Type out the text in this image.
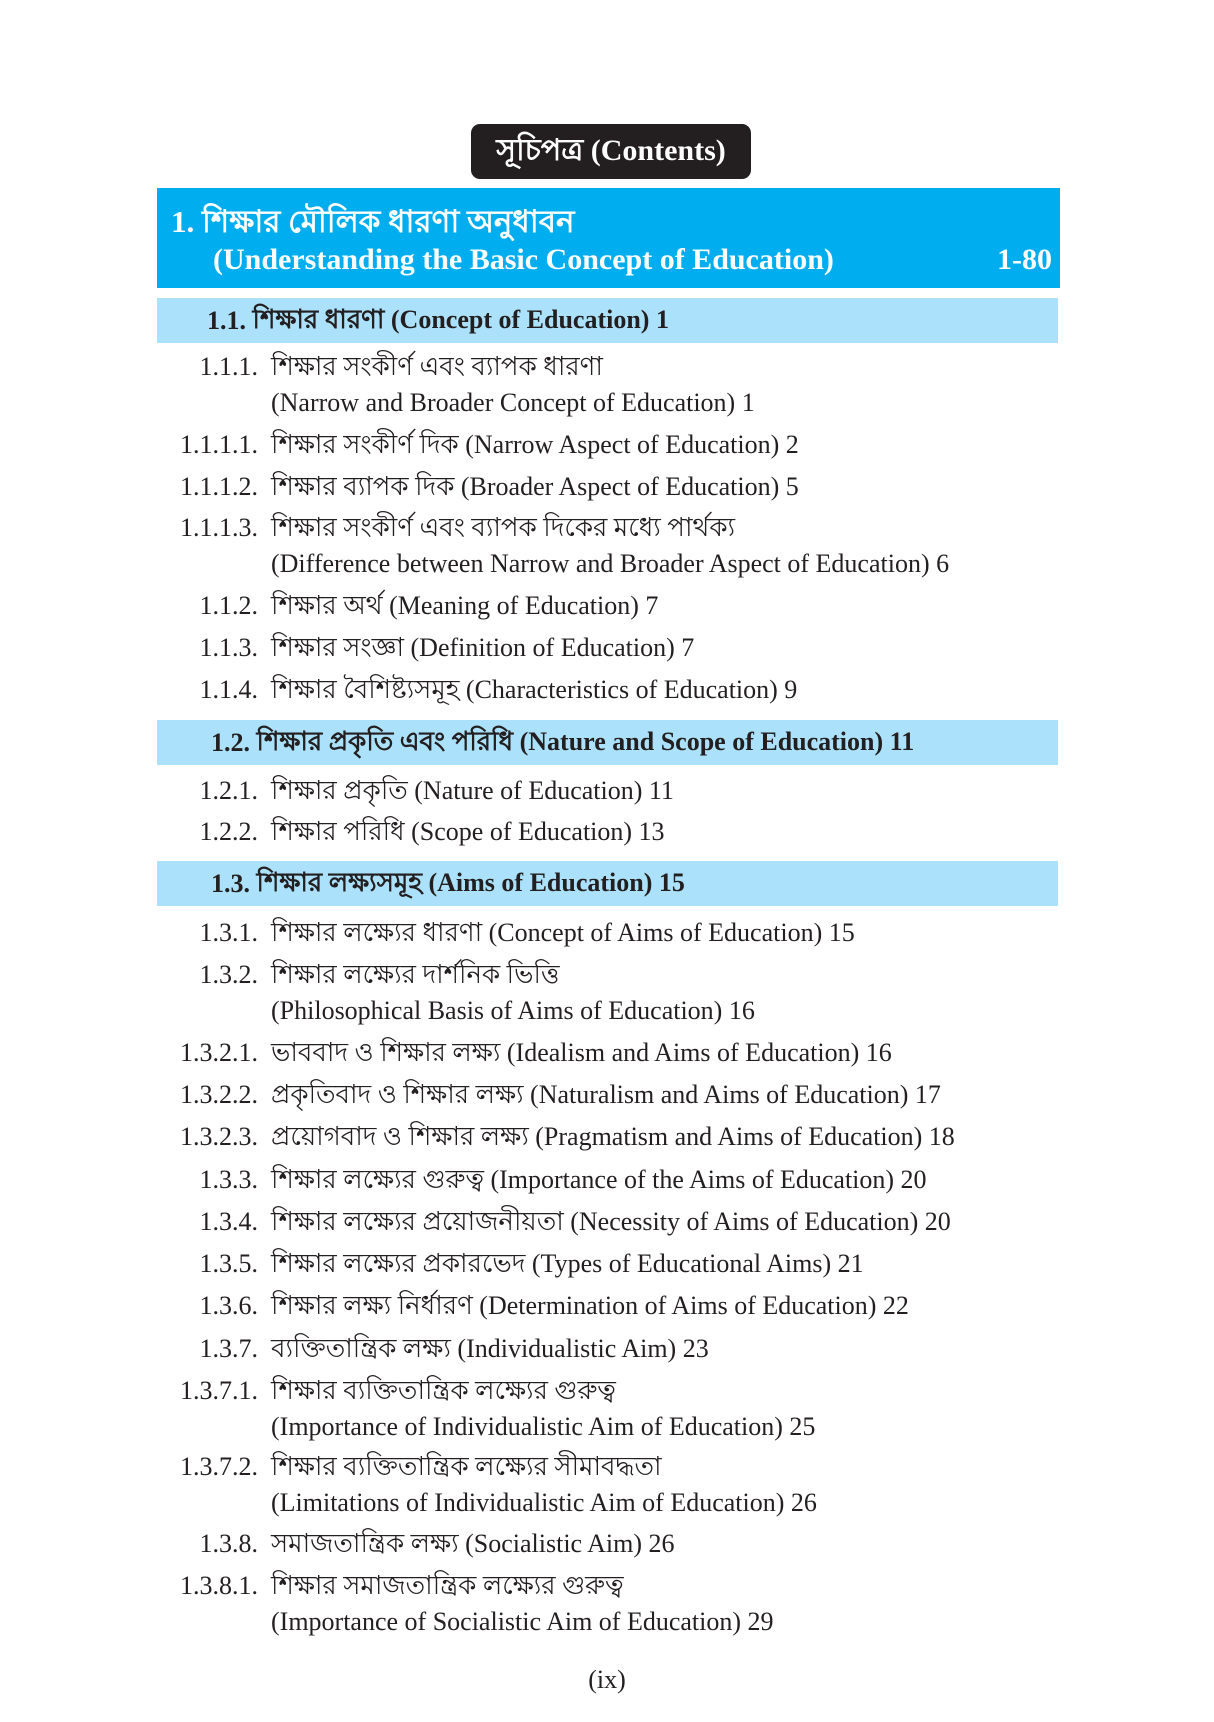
সূচিপত্র (Contents)
1. শিক্ষার মৌলিক ধারণা অনুধাবন
(Understanding the Basic Concept of Education)	1-80
1.1.
শিক্ষার ধারণা (Concept of Education) 1
1.1.1. শিক্ষার সংকীর্ণ এবং ব্যাপক ধারণা
(Narrow and Broader Concept of Education) 1
1.1.1.1. শিক্ষার সংকীর্ণ দিক (Narrow Aspect of Education) 2
1.1.1.2. শিক্ষার ব্যাপক দিক (Broader Aspect of Education) 5
1.1.1.3. শিক্ষার সংকীর্ণ এবং ব্যাপক দিকের মধ্যে পার্থক্য
(Difference between Narrow and Broader Aspect of Education) 6
1.1.2. শিক্ষার অর্থ (Meaning of Education) 7
1.1.3. শিক্ষার সংজ্ঞা (Definition of Education) 7
1.1.4. শিক্ষার বৈশিষ্ট্যসমূহ (Characteristics of Education) 9
1.2.
শিক্ষার প্রকৃতি এবং পরিধি (Nature and Scope of Education) 11
1.2.1. শিক্ষার প্রকৃতি (Nature of Education) 11
1.2.2. শিক্ষার পরিধি (Scope of Education) 13
1.3.
শিক্ষার লক্ষ্যসমূহ (Aims of Education) 15
1.3.1. শিক্ষার লক্ষ্যের ধারণা (Concept of Aims of Education) 15
1.3.2. শিক্ষার লক্ষ্যের দার্শনিক ভিত্তি
(Philosophical Basis of Aims of Education) 16
1.3.2.1. ভাববাদ ও শিক্ষার লক্ষ্য (Idealism and Aims of Education) 16
1.3.2.2. প্রকৃতিবাদ ও শিক্ষার লক্ষ্য (Naturalism and Aims of Education) 17
1.3.2.3. প্রয়োগবাদ ও শিক্ষার লক্ষ্য (Pragmatism and Aims of Education) 18
1.3.3. শিক্ষার লক্ষ্যের গুরুত্ব (Importance of the Aims of Education) 20
1.3.4. শিক্ষার লক্ষ্যের প্রয়োজনীয়তা (Necessity of Aims of Education) 20
1.3.5. শিক্ষার লক্ষ্যের প্রকারভেদ (Types of Educational Aims) 21
1.3.6. শিক্ষার লক্ষ্য নির্ধারণ (Determination of Aims of Education) 22
1.3.7. ব্যক্তিতান্ত্রিক লক্ষ্য (Individualistic Aim) 23
1.3.7.1. শিক্ষার ব্যক্তিতান্ত্রিক লক্ষ্যের গুরুত্ব
(Importance of Individualistic Aim of Education) 25
1.3.7.2. শিক্ষার ব্যক্তিতান্ত্রিক লক্ষ্যের সীমাবদ্ধতা
(Limitations of Individualistic Aim of Education) 26
1.3.8. সমাজতান্ত্রিক লক্ষ্য (Socialistic Aim) 26
1.3.8.1. শিক্ষার সমাজতান্ত্রিক লক্ষ্যের গুরুত্ব
(Importance of Socialistic Aim of Education) 29
(ix)
